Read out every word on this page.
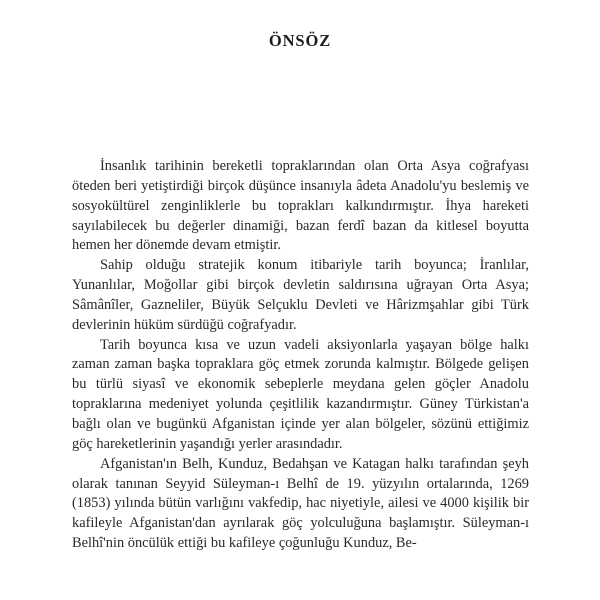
ÖNSÖZ

İnsanlık tarihinin bereketli topraklarından olan Orta Asya coğrafyası öteden beri yetiştirdiği birçok düşünce insanıyla âdeta Anadolu'yu beslemiş ve sosyokültürel zenginliklerle bu toprakları kalkındırmıştır. İhya hareketi sayılabilecek bu değerler dinamiği, bazan ferdî bazan da kitlesel boyutta hemen her dönemde devam etmiştir.

Sahip olduğu stratejik konum itibariyle tarih boyunca; İranlılar, Yunanlılar, Moğollar gibi birçok devletin saldırısına uğrayan Orta Asya; Sâmânîler, Gazneliler, Büyük Selçuklu Devleti ve Hârizmşahlar gibi Türk devlerinin hüküm sürdüğü coğrafyadır.

Tarih boyunca kısa ve uzun vadeli aksiyonlarla yaşayan bölge halkı zaman zaman başka topraklara göç etmek zorunda kalmıştır. Bölgede gelişen bu türlü siyasî ve ekonomik sebeplerle meydana gelen göçler Anadolu topraklarına medeniyet yolunda çeşitlilik kazandırmıştır. Güney Türkistan'a bağlı olan ve bugünkü Afganistan içinde yer alan bölgeler, sözünü ettiğimiz göç hareketlerinin yaşandığı yerler arasındadır.

Afganistan'ın Belh, Kunduz, Bedahşan ve Katagan halkı tarafından şeyh olarak tanınan Seyyid Süleyman-ı Belhî de 19. yüzyılın ortalarında, 1269 (1853) yılında bütün varlığını vakfedip, hac niyetiyle, ailesi ve 4000 kişilik bir kafileyle Afganistan'dan ayrılarak göç yolculuğuna başlamıştır. Süleyman-ı Belhî'nin öncülük ettiği bu kafileye çoğunluğu Kunduz, Be-
